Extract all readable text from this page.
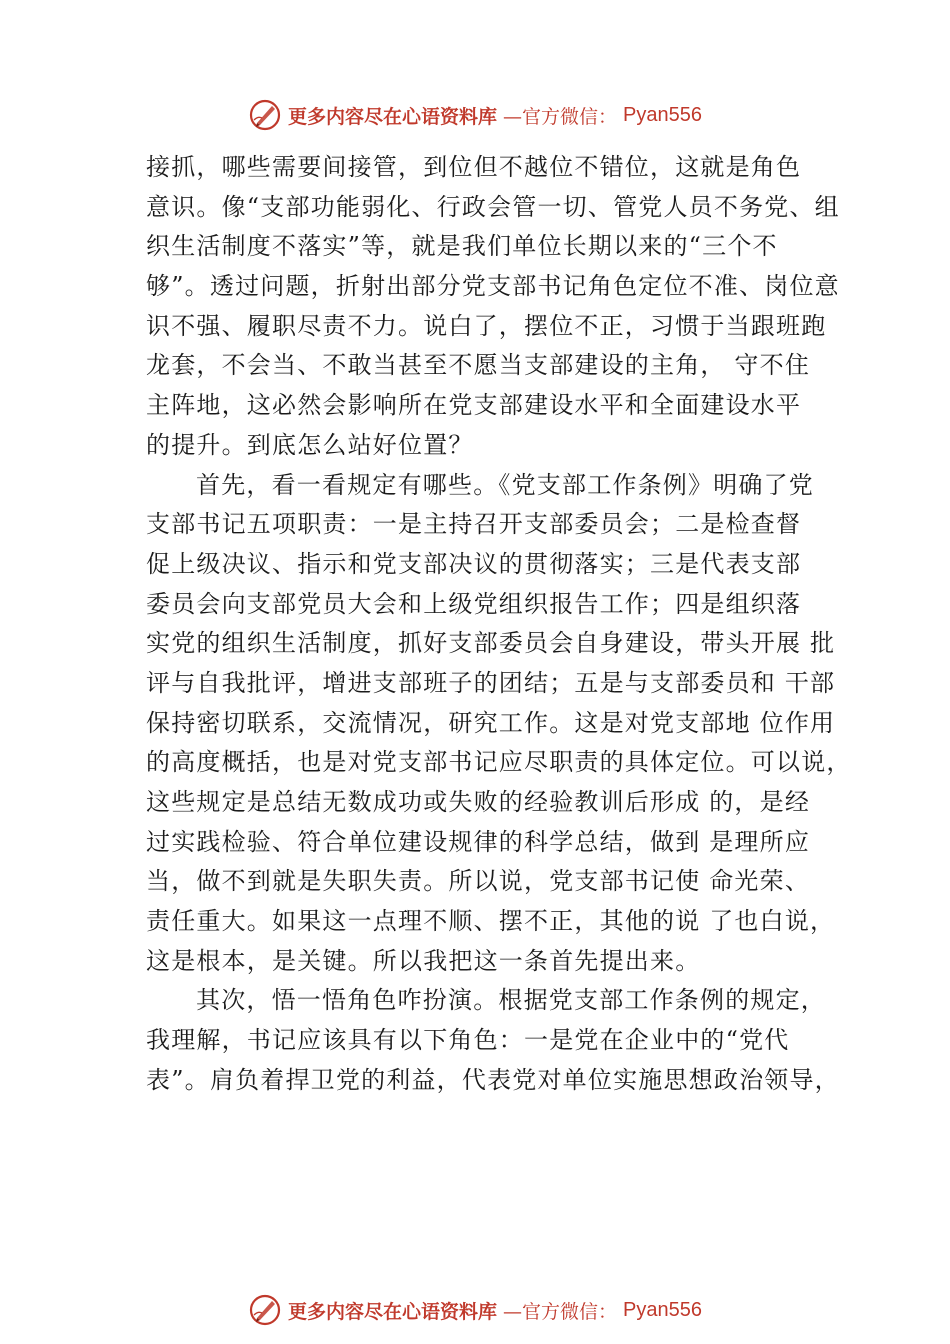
更多内容尽在心语资料库 —官方微信： Pyan556
接抓，哪些需要间接管，到位但不越位不错位，这就是角色
意识。像“支部功能弱化、行政会管一切、管党人员不务党、组
织生活制度不落实”等，就是我们单位长期以来的“三个不
够”。透过问题，折射出部分党支部书记角色定位不准、岗位意
识不强、履职尽责不力。说白了，摆位不正，习惯于当跟班跑
龙套，不会当、不敢当甚至不愿当支部建设的主角， 守不住
主阵地，这必然会影响所在党支部建设水平和全面建设水平
的提升。到底怎么站好位置？
首先，看一看规定有哪些。《党支部工作条例》明确了党
支部书记五项职责：一是主持召开支部委员会；二是检查督
促上级决议、指示和党支部决议的贯彻落实；三是代表支部
委员会向支部党员大会和上级党组织报告工作；四是组织落
实党的组织生活制度，抓好支部委员会自身建设，带头开展 批
评与自我批评，增进支部班子的团结；五是与支部委员和 干部
保持密切联系，交流情况，研究工作。这是对党支部地 位作用
的高度概括，也是对党支部书记应尽职责的具体定位。可以说，
这些规定是总结无数成功或失败的经验教训后形成 的，是经
过实践检验、符合单位建设规律的科学总结，做到 是理所应
当，做不到就是失职失责。所以说，党支部书记使 命光荣、
责任重大。如果这一点理不顺、摆不正，其他的说 了也白说，
这是根本，是关键。所以我把这一条首先提出来。
其次，悟一悟角色咋扮演。根据党支部工作条例的规定，
我理解，书记应该具有以下角色：一是党在企业中的“党代
表”。肩负着捍卫党的利益，代表党对单位实施思想政治领导，
更多内容尽在心语资料库 —官方微信： Pyan556
